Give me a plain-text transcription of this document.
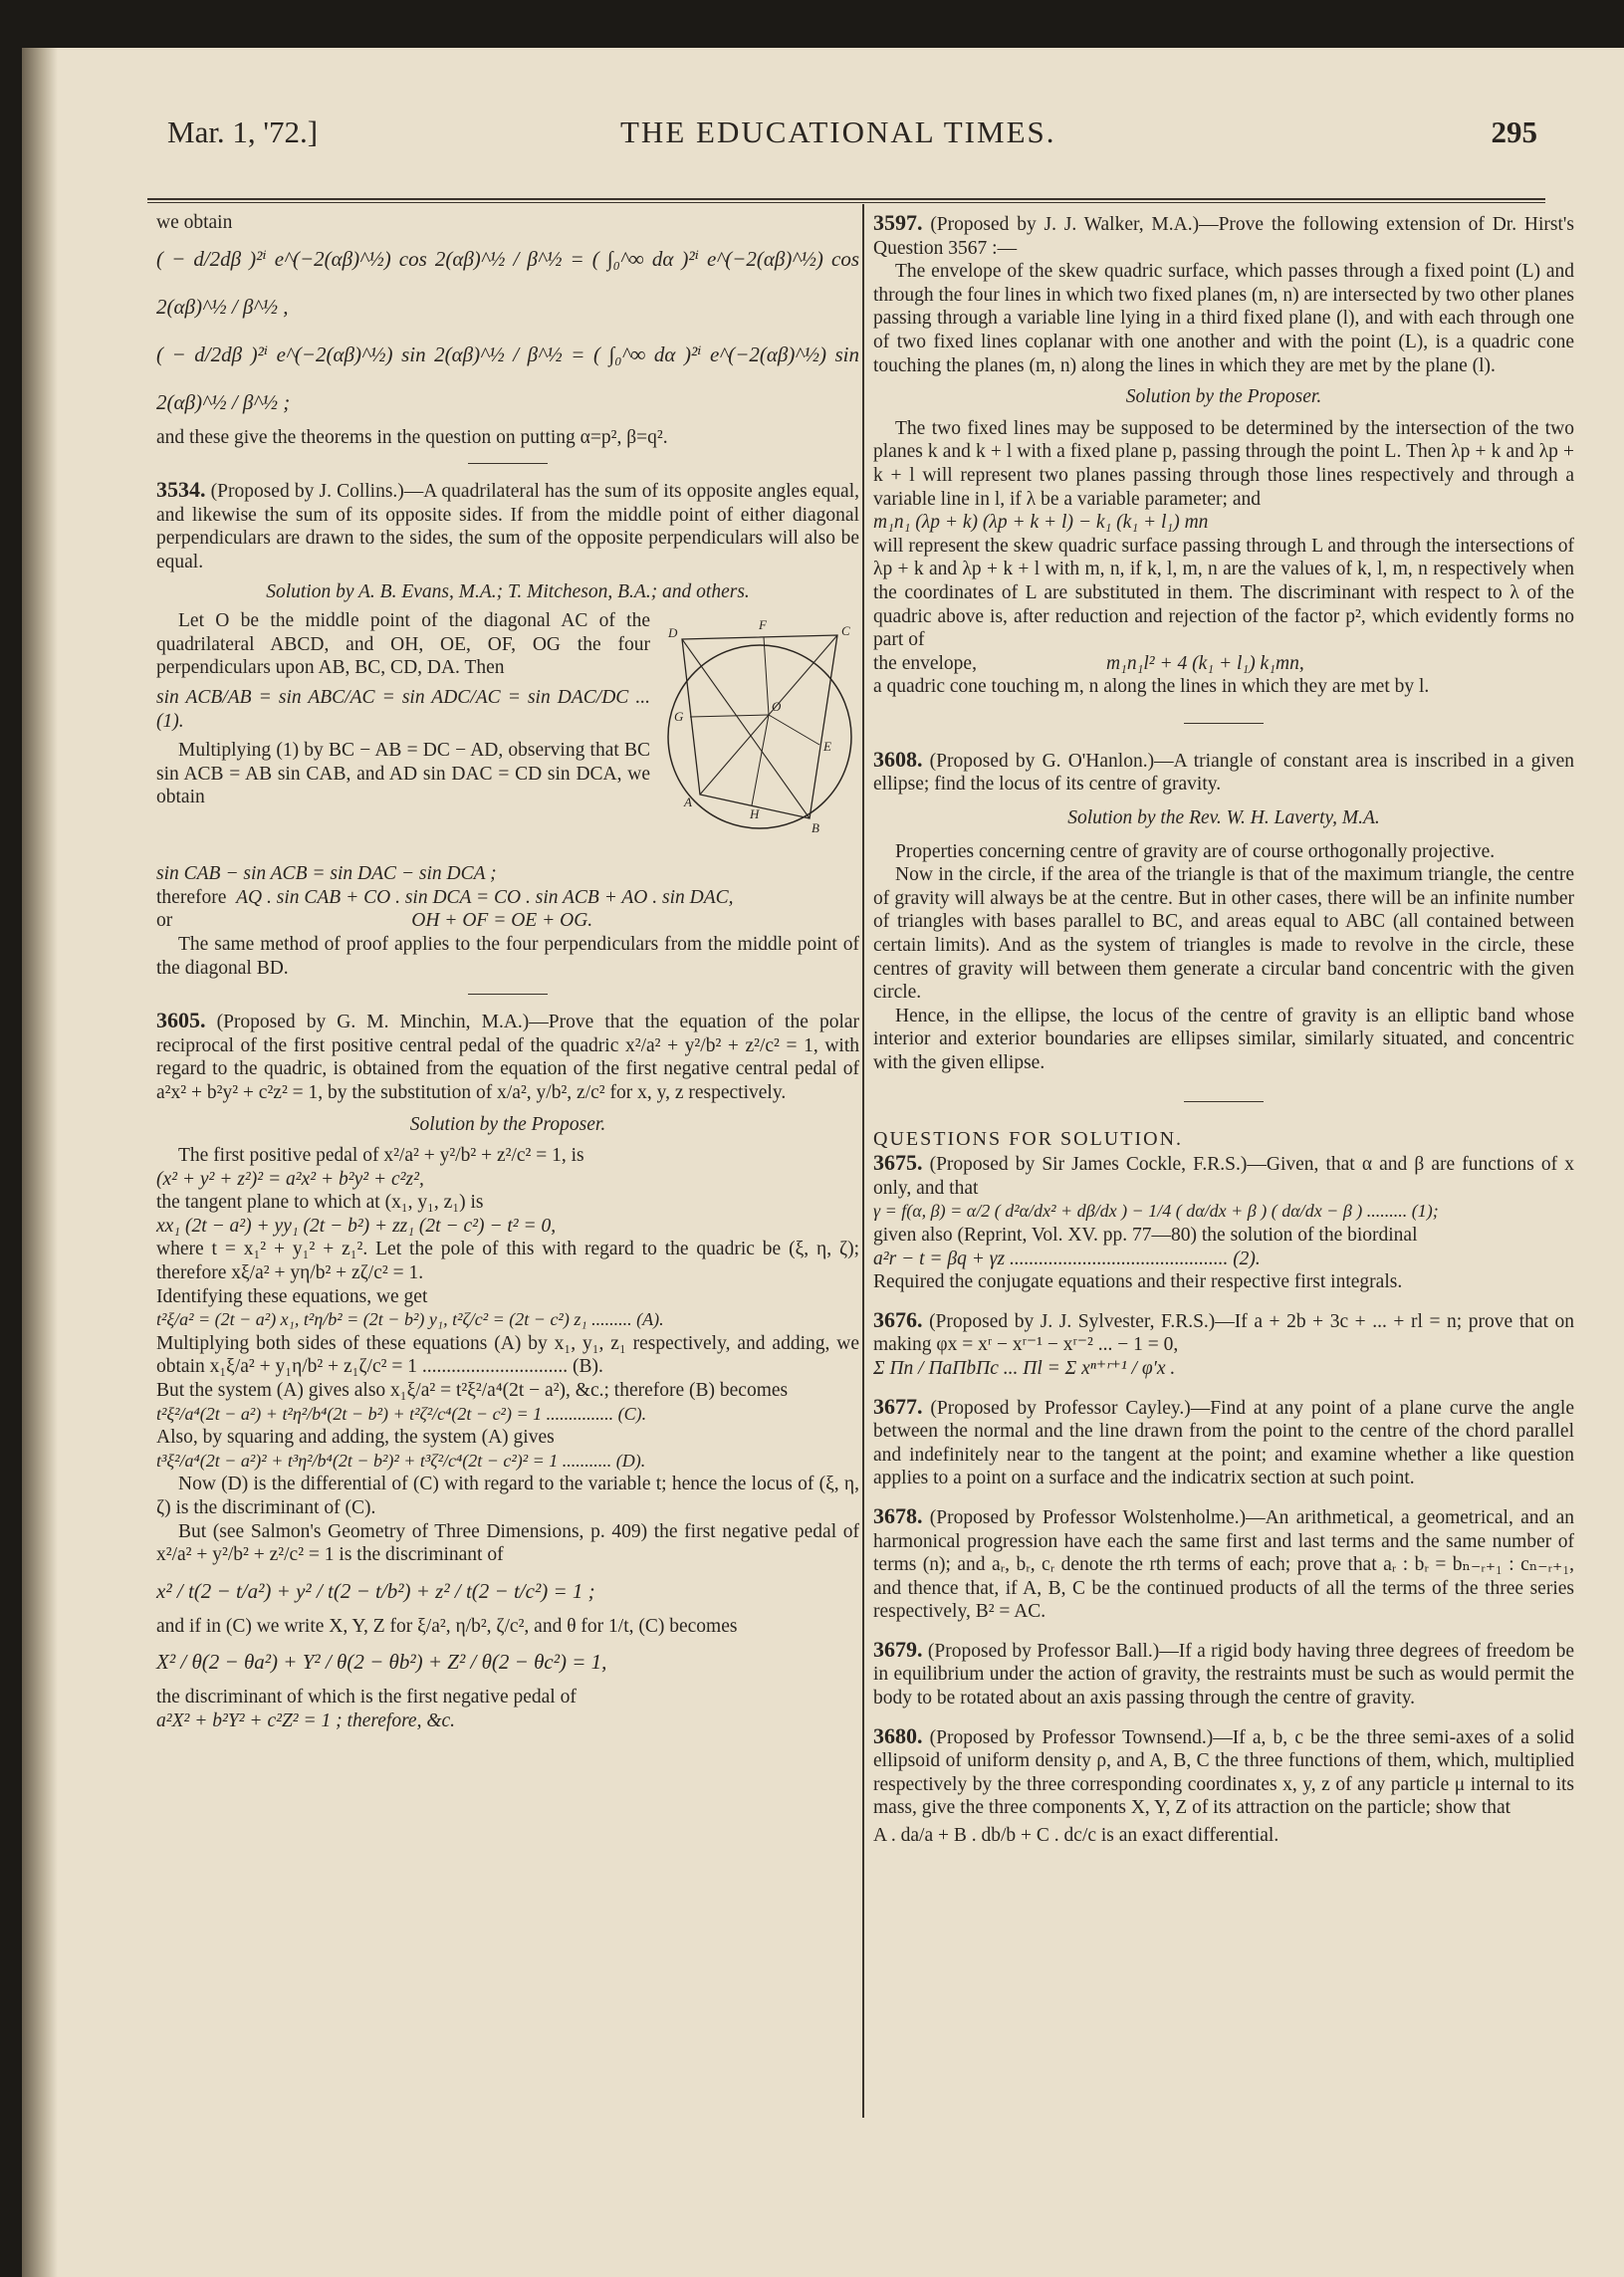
Mar. 1, '72.]	THE EDUCATIONAL TIMES.	295

we obtain

( − d/2dβ )²ⁱ e^(−2(αβ)^½) cos 2(αβ)^½ / β^½ = ( ∫₀^∞ dα )²ⁱ e^(−2(αβ)^½) cos 2(αβ)^½ / β^½ ,

( − d/2dβ )²ⁱ e^(−2(αβ)^½) sin 2(αβ)^½ / β^½ = ( ∫₀^∞ dα )²ⁱ e^(−2(αβ)^½) sin 2(αβ)^½ / β^½ ;

and these give the theorems in the question on putting α=p², β=q².

3534. (Proposed by J. Collins.)—A quadrilateral has the sum of its opposite angles equal, and likewise the sum of its opposite sides. If from the middle point of either diagonal perpendiculars are drawn to the sides, the sum of the opposite perpendiculars will also be equal.

Solution by A. B. Evans, M.A.; T. Mitcheson, B.A.; and others.

D
F	C
G
O
E
A
H
B

Let O be the middle point of the diagonal AC of the quadrilateral ABCD, and OH, OE, OF, OG the four perpendiculars upon AB, BC, CD, DA. Then

sin ACB/AB = sin ABC/AC = sin ADC/AC = sin DAC/DC ... (1).

Multiplying (1) by BC − AB = DC − AD, observing that BC sin ACB = AB sin CAB, and AD sin DAC = CD sin DCA, we obtain

sin CAB − sin ACB = sin DAC − sin DCA ;

therefore AQ . sin CAB + CO . sin DCA = CO . sin ACB + AO . sin DAC,

or	OH + OF = OE + OG.

The same method of proof applies to the four perpendiculars from the middle point of the diagonal BD.

3605. (Proposed by G. M. Minchin, M.A.)—Prove that the equation of the polar reciprocal of the first positive central pedal of the quadric x²/a² + y²/b² + z²/c² = 1, with regard to the quadric, is obtained from the equation of the first negative central pedal of a²x² + b²y² + c²z² = 1, by the substitution of x/a², y/b², z/c² for x, y, z respectively.

Solution by the Proposer.

The first positive pedal of x²/a² + y²/b² + z²/c² = 1, is

(x² + y² + z²)² = a²x² + b²y² + c²z²,

the tangent plane to which at (x₁, y₁, z₁) is

xx₁ (2t − a²) + yy₁ (2t − b²) + zz₁ (2t − c²) − t² = 0,

where t = x₁² + y₁² + z₁². Let the pole of this with regard to the quadric be (ξ, η, ζ); therefore xξ/a² + yη/b² + zζ/c² = 1.

Identifying these equations, we get

t²ξ/a² = (2t − a²) x₁, t²η/b² = (2t − b²) y₁, t²ζ/c² = (2t − c²) z₁ ......... (A).

Multiplying both sides of these equations (A) by x₁, y₁, z₁ respectively, and adding, we obtain x₁ξ/a² + y₁η/b² + z₁ζ/c² = 1 .............................. (B).

But the system (A) gives also x₁ξ/a² = t²ξ²/a⁴(2t − a²), &c.; therefore (B) becomes

t²ξ²/a⁴(2t − a²) + t²η²/b⁴(2t − b²) + t²ζ²/c⁴(2t − c²) = 1 ............... (C).

Also, by squaring and adding, the system (A) gives

t³ξ²/a⁴(2t − a²)² + t³η²/b⁴(2t − b²)² + t³ζ²/c⁴(2t − c²)² = 1 ........... (D).

Now (D) is the differential of (C) with regard to the variable t; hence the locus of (ξ, η, ζ) is the discriminant of (C).

But (see Salmon's Geometry of Three Dimensions, p. 409) the first negative pedal of x²/a² + y²/b² + z²/c² = 1 is the discriminant of

x² / t(2 − t/a²) + y² / t(2 − t/b²) + z² / t(2 − t/c²) = 1 ;

and if in (C) we write X, Y, Z for ξ/a², η/b², ζ/c², and θ for 1/t, (C) becomes

X² / θ(2 − θa²) + Y² / θ(2 − θb²) + Z² / θ(2 − θc²) = 1,

the discriminant of which is the first negative pedal of

a²X² + b²Y² + c²Z² = 1 ; therefore, &c.

3597. (Proposed by J. J. Walker, M.A.)—Prove the following extension of Dr. Hirst's Question 3567 :—

The envelope of the skew quadric surface, which passes through a fixed point (L) and through the four lines in which two fixed planes (m, n) are intersected by two other planes passing through a variable line lying in a third fixed plane (l), and with each through one of two fixed lines coplanar with one another and with the point (L), is a quadric cone touching the planes (m, n) along the lines in which they are met by the plane (l).

Solution by the Proposer.

The two fixed lines may be supposed to be determined by the intersection of the two planes k and k + l with a fixed plane p, passing through the point L. Then λp + k and λp + k + l will represent two planes passing through those lines respectively and through a variable line in l, if λ be a variable parameter; and

m₁n₁ (λp + k) (λp + k + l) − k₁ (k₁ + l₁) mn

will represent the skew quadric surface passing through L and through the intersections of λp + k and λp + k + l with m, n, if k, l, m, n are the values of k, l, m, n respectively when the coordinates of L are substituted in them. The discriminant with respect to λ of the quadric above is, after reduction and rejection of the factor p², which evidently forms no part of

the envelope,	m₁n₁l² + 4 (k₁ + l₁) k₁mn,

a quadric cone touching m, n along the lines in which they are met by l.

3608. (Proposed by G. O'Hanlon.)—A triangle of constant area is inscribed in a given ellipse; find the locus of its centre of gravity.

Solution by the Rev. W. H. Laverty, M.A.

Properties concerning centre of gravity are of course orthogonally projective.

Now in the circle, if the area of the triangle is that of the maximum triangle, the centre of gravity will always be at the centre. But in other cases, there will be an infinite number of triangles with bases parallel to BC, and areas equal to ABC (all contained between certain limits). And as the system of triangles is made to revolve in the circle, these centres of gravity will between them generate a circular band concentric with the given circle.

Hence, in the ellipse, the locus of the centre of gravity is an elliptic band whose interior and exterior boundaries are ellipses similar, similarly situated, and concentric with the given ellipse.

QUESTIONS FOR SOLUTION.

3675. (Proposed by Sir James Cockle, F.R.S.)—Given, that α and β are functions of x only, and that

γ = f(α, β) = α/2 ( d²α/dx² + dβ/dx ) − 1/4 ( dα/dx + β ) ( dα/dx − β ) ......... (1);

given also (Reprint, Vol. XV. pp. 77—80) the solution of the biordinal

a²r − t = βq + γz ............................................. (2).

Required the conjugate equations and their respective first integrals.

3676. (Proposed by J. J. Sylvester, F.R.S.)—If a + 2b + 3c + ... + rl = n; prove that on making φx = xʳ − xʳ⁻¹ − xʳ⁻² ... − 1 = 0,

Σ Πn / ΠaΠbΠc ... Πl = Σ xⁿ⁺ʳ⁺¹ / φ′x .

3677. (Proposed by Professor Cayley.)—Find at any point of a plane curve the angle between the normal and the line drawn from the point to the centre of the chord parallel and indefinitely near to the tangent at the point; and examine whether a like question applies to a point on a surface and the indicatrix section at such point.

3678. (Proposed by Professor Wolstenholme.)—An arithmetical, a geometrical, and an harmonical progression have each the same first and last terms and the same number of terms (n); and aᵣ, bᵣ, cᵣ denote the rth terms of each; prove that aᵣ : bᵣ = bₙ₋ᵣ₊₁ : cₙ₋ᵣ₊₁, and thence that, if A, B, C be the continued products of all the terms of the three series respectively, B² = AC.

3679. (Proposed by Professor Ball.)—If a rigid body having three degrees of freedom be in equilibrium under the action of gravity, the restraints must be such as would permit the body to be rotated about an axis passing through the centre of gravity.

3680. (Proposed by Professor Townsend.)—If a, b, c be the three semi-axes of a solid ellipsoid of uniform density ρ, and A, B, C the three functions of them, which, multiplied respectively by the three corresponding coordinates x, y, z of any particle μ internal to its mass, give the three components X, Y, Z of its attraction on the particle; show that

A . da/a + B . db/b + C . dc/c is an exact differential.
